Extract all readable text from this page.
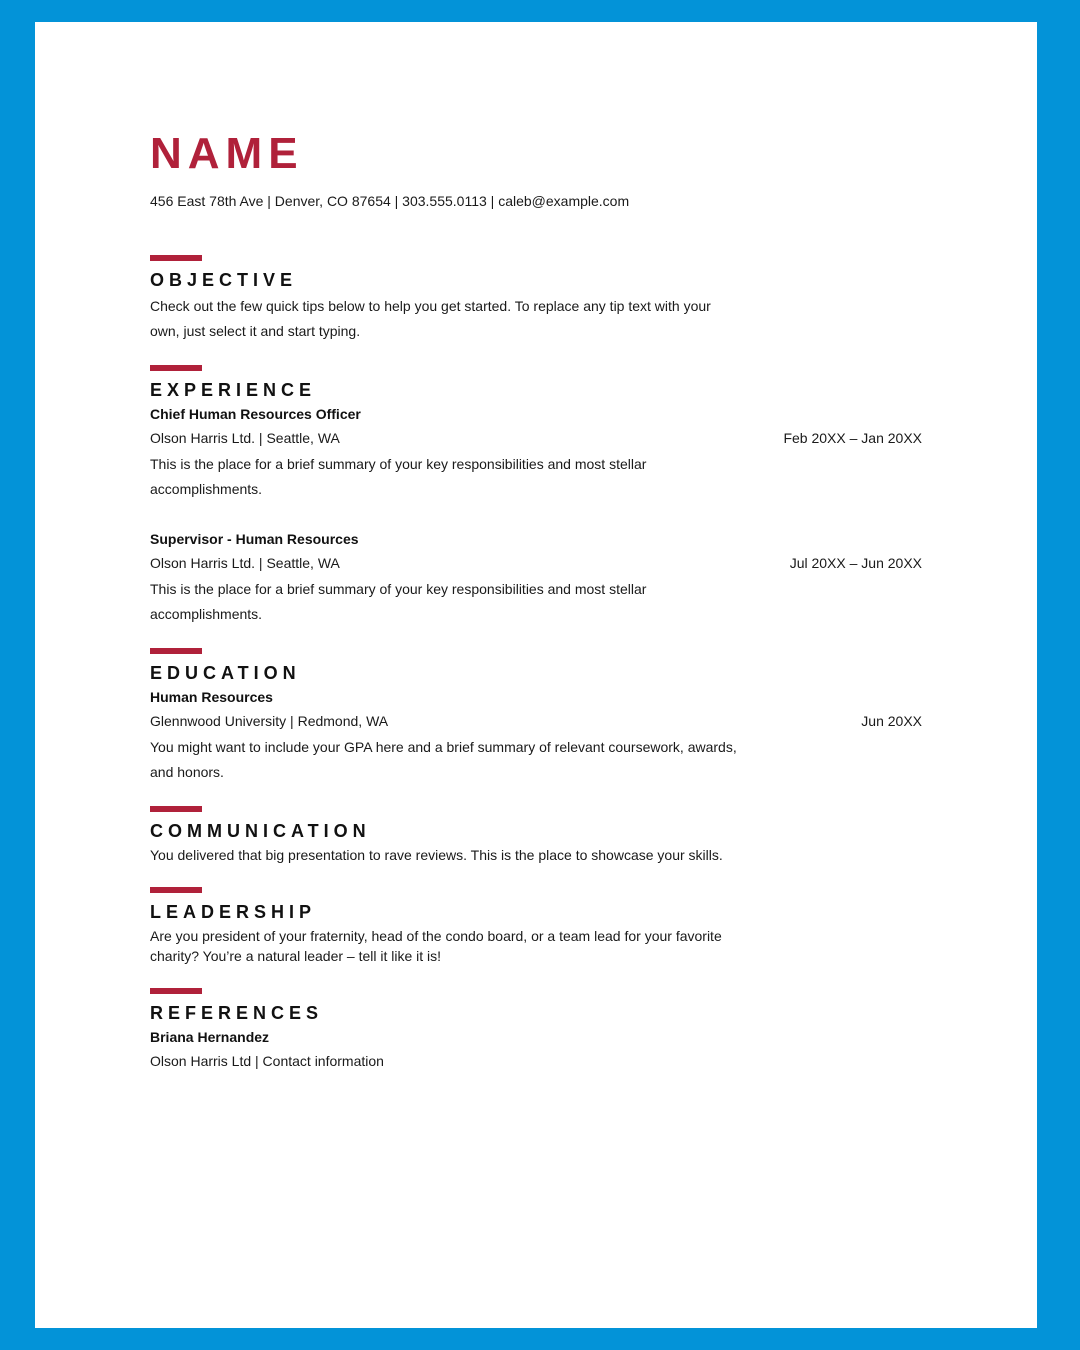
NAME
456 East 78th Ave | Denver, CO 87654 | 303.555.0113 | caleb@example.com
OBJECTIVE

Check out the few quick tips below to help you get started. To replace any tip text with your own, just select it and start typing.

EXPERIENCE
Chief Human Resources Officer
Olson Harris Ltd. | Seattle, WA	Feb 20XX – Jan 20XX

This is the place for a brief summary of your key responsibilities and most stellar accomplishments.

Supervisor - Human Resources
Olson Harris Ltd. | Seattle, WA	Jul 20XX – Jun 20XX

This is the place for a brief summary of your key responsibilities and most stellar accomplishments.

EDUCATION
Human Resources
Glennwood University | Redmond, WA	Jun 20XX

You might want to include your GPA here and a brief summary of relevant coursework, awards, and honors.

COMMUNICATION

You delivered that big presentation to rave reviews. This is the place to showcase your skills.

LEADERSHIP

Are you president of your fraternity, head of the condo board, or a team lead for your favorite charity? You’re a natural leader – tell it like it is!

REFERENCES
Briana Hernandez
Olson Harris Ltd | Contact information
